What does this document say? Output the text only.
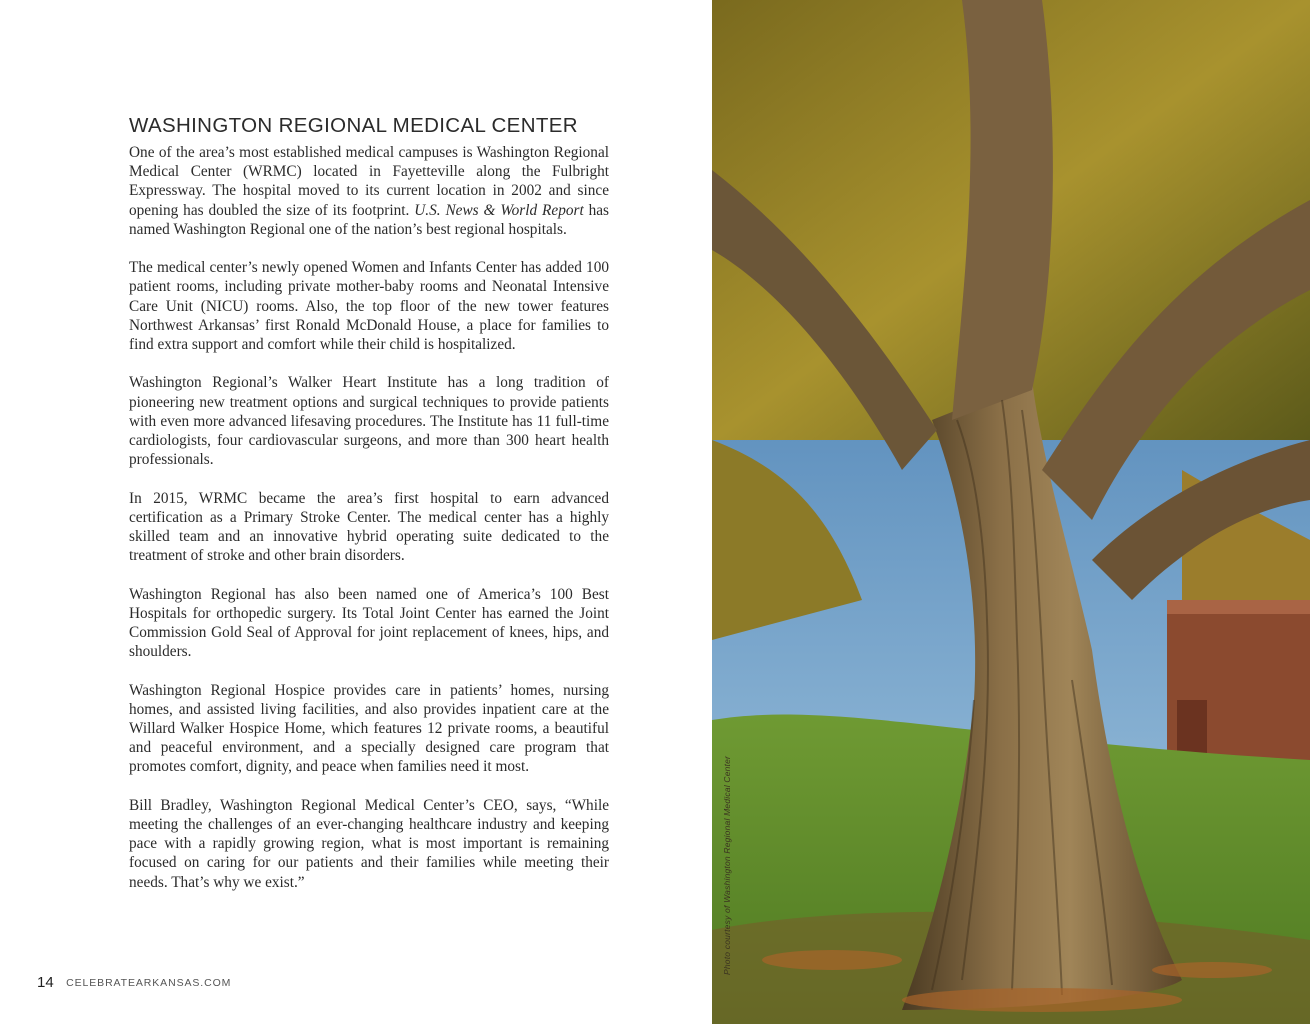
WASHINGTON REGIONAL MEDICAL CENTER

One of the area’s most established medical campuses is Washington Regional Medical Center (WRMC) located in Fayetteville along the Fulbright Expressway. The hospital moved to its current location in 2002 and since opening has doubled the size of its footprint. U.S. News & World Report has named Washington Regional one of the nation’s best regional hospitals.

The medical center’s newly opened Women and Infants Center has added 100 patient rooms, including private mother-baby rooms and Neonatal Intensive Care Unit (NICU) rooms. Also, the top floor of the new tower features Northwest Arkansas’ first Ronald McDonald House, a place for families to find extra support and comfort while their child is hospitalized.

Washington Regional’s Walker Heart Institute has a long tradition of pioneering new treatment options and surgical techniques to provide patients with even more advanced lifesaving procedures. The Institute has 11 full-time cardiologists, four cardiovascular surgeons, and more than 300 heart health professionals.

In 2015, WRMC became the area’s first hospital to earn advanced certification as a Primary Stroke Center. The medical center has a highly skilled team and an innovative hybrid operating suite dedicated to the treatment of stroke and other brain disorders.

Washington Regional has also been named one of America’s 100 Best Hospitals for orthopedic surgery. Its Total Joint Center has earned the Joint Commission Gold Seal of Approval for joint replacement of knees, hips, and shoulders.

Washington Regional Hospice provides care in patients’ homes, nursing homes, and assisted living facilities, and also provides inpatient care at the Willard Walker Hospice Home, which features 12 private rooms, a beautiful and peaceful environment, and a specially designed care program that promotes comfort, dignity, and peace when families need it most.

Bill Bradley, Washington Regional Medical Center’s CEO, says, “While meeting the challenges of an ever-changing healthcare industry and keeping pace with a rapidly growing region, what is most important is remaining focused on caring for our patients and their families while meeting their needs. That’s why we exist.”

14 CELEBRATEARKANSAS.COM
Photo courtesy of Washington Regional Medical Center
